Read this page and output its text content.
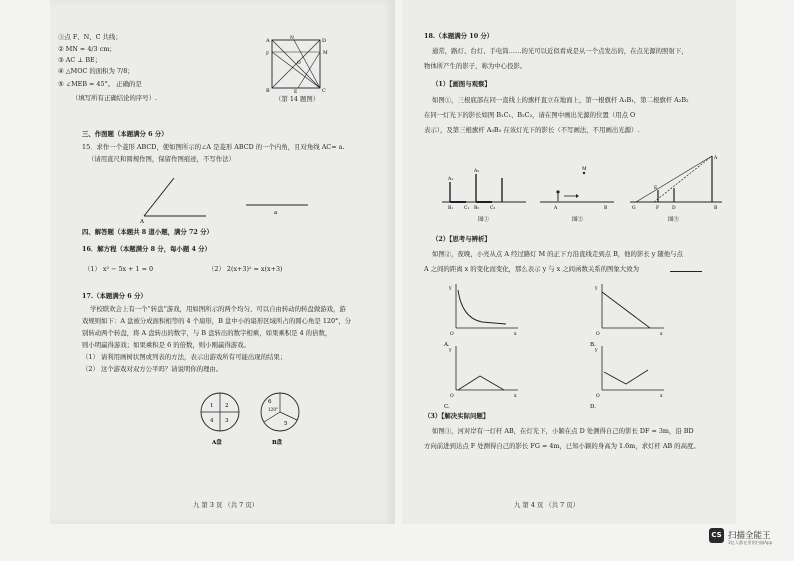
③点 F、N、C 共线；
② MN = 4/3 cm；
③ AC ⊥ BE；
④ △MOC 的面积为 7/8；
⑤ ∠MEB = 45°。 正确的是
（填写所有正确结论的序号）.
A	D
B	C
N
M
O
E
F
（第 14 题图）
三、作图题（本题满分 6 分）
15．求作一个菱形 ABCD，使如图所示的∠A 是菱形 ABCD 的一个内角，且对角线 AC= a.
（请用直尺和圆规作图，保留作图痕迹，不写作法）
A
a
四、解答题（本题共 8 道小题，满分 72 分）
16．解方程（本题满分 8 分，每小题 4 分）
（1） x² − 5x + 1 = 0	（2） 2(x+3)² = x(x+3)
17.（本题满分 6 分）
学校联欢会上有一个“转盘”游戏，用如图所示的两个均匀、可以自由转动的转盘做游戏，游
戏规则如下：A 盘被分成面积相等的 4 个扇形，B 盘中小的扇形区域所占的圆心角是 120°，分
别转动两个转盘，将 A 盘转出的数字，与 B 盘转出的数字相乘，如果乘积是 4 的倍数，
则小明赢得游戏；如果乘积是 6 的倍数，则小刚赢得游戏。
（1） 请利用画树状图或列表的方法，表示出游戏所有可能出现的结果；
（2） 这个游戏对双方公平吗？请说明你的理由。
1 2
3
4
A盘
6
120°
5
B盘
九 第 3 页 （共 7 页）
18.（本题满分 10 分）
通常，路灯、台灯、手电筒……的光可以近似看成是从一个点发出的，在点光源的照射下，
物体所产生的影子，称为中心投影。
（1）【画图与观察】
如图①，三根底部在同一直线上的旗杆直立在地面上，第一根旗杆 A₁B₁，第二根旗杆 A₂B₂
在同一灯光下的影长如图 B₁C₁、B₂C₂，请在图中画出光源的位置（用点 O
表示），及第三根旗杆 A₃B₃ 在该灯光下的影长（不写画法，不用画出光源）.
A₁
A₂
B₁ C₁ B₂ C₂
图①
M
A	B
图②
A
E
F
G	D	B
图③
（2）【思考与辨析】
如图②，夜晚，小亮从点 A 经过路灯 M 的正下方沿直线走到点 B，他的影长 y 随他与点
A 之间的距离 x 的变化而变化，那么表示 y 与 x 之间函数关系的图象大致为
y
x
O
A.
y
x
O
B.
y
x
O
C.
y
x
O
D.
（3）【解决实际问题】
如图③，河对岸有一灯杆 AB，在灯光下，小颖在点 D 处测得自己的影长 DF = 3m，沿 BD
方向前进到达点 F 处测得自己的影长 FG = 4m，已知小颖的身高为 1.6m，求灯杆 AB 的高度。
九 第 4 页 （共 7 页）
CS 扫描全能王
3亿人都在用的扫描App
